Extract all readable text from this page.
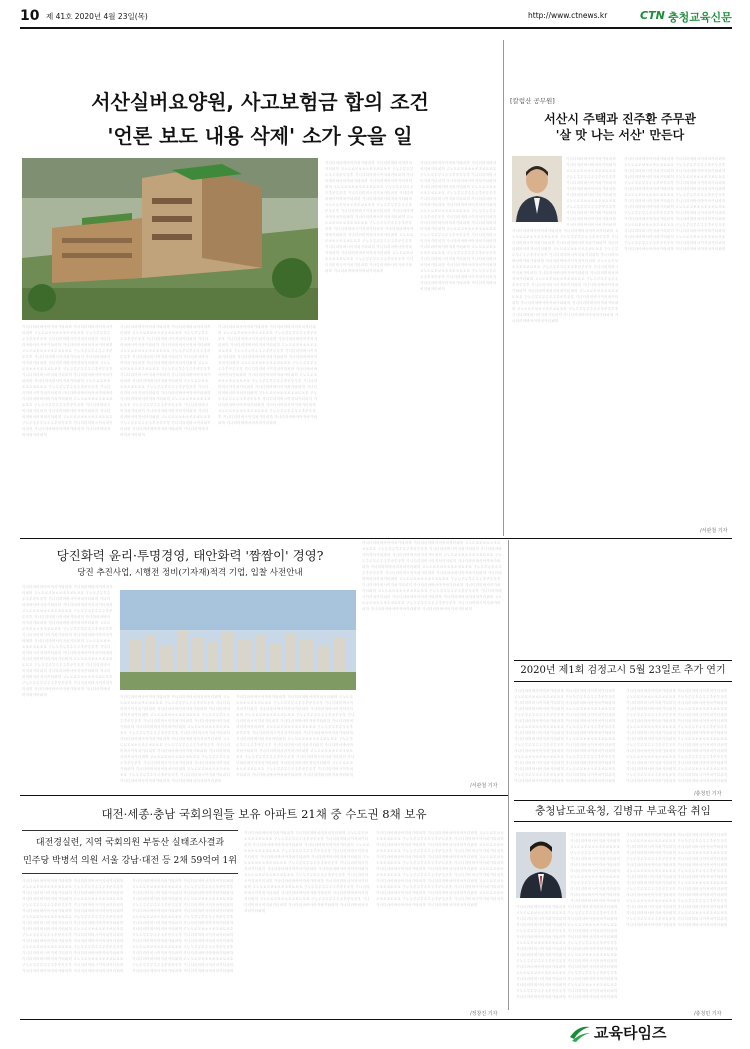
10 제 41호 2020년 4월 23일(목)	http://www.ctnews.kr	CTN 충청교육신문
서산실버요양원, 사고보험금 합의 조건
'언론 보도 내용 삭제' 소가 웃을 일
가나다라마바사아자차카타파하 거너더러머버서어저처커터퍼허 고노도로모보소오조초코토포호 구누두루무부수우주추쿠투푸후 기니디리미비시이지치키티피히 가나다라마바사아자차카타파하 거너더러머버서어저처커터퍼허 고노도로모보소오조초코토포호 구누두루무부수우주추쿠투푸후 기니디리미비시이지치키티피히 가나다라마바사아자차카타파하 거너더러머버서어저처커터퍼허 고노도로모보소오조초코토포호 구누두루무부수우주추쿠투푸후 기니디리미비시이지치키티피히 가나다라마바사아자차카타파하 거너더러머버서어저처커터퍼허 고노도로모보소오조초코토포호 구누두루무부수우주추쿠투푸후 기니디리미비시이지치키티피히 가나다라마바사아자차카타파하 거너더러머버서어저처커터퍼허 고노도로모보소오조초코토포호 구누두루무부수우주추쿠투푸후 기니디리미비시이지치키티피히 가나다라마바사아자차카타파하 거너더러머버서어저처커터퍼허 고노도로모보소오조초코토포호 구누두루무부수우주추쿠투푸후 기니디리미비시이지치키티피히 가나다라마바사아자차카타파하 거너더러머버서어저처커터퍼허
가나다라마바사아자차카타파하 거너더러머버서어저처커터퍼허 고노도로모보소오조초코토포호 구누두루무부수우주추쿠투푸후 기니디리미비시이지치키티피히 가나다라마바사아자차카타파하 거너더러머버서어저처커터퍼허 고노도로모보소오조초코토포호 구누두루무부수우주추쿠투푸후 기니디리미비시이지치키티피히 가나다라마바사아자차카타파하 거너더러머버서어저처커터퍼허 고노도로모보소오조초코토포호 구누두루무부수우주추쿠투푸후 기니디리미비시이지치키티피히 가나다라마바사아자차카타파하 거너더러머버서어저처커터퍼허 고노도로모보소오조초코토포호 구누두루무부수우주추쿠투푸후 기니디리미비시이지치키티피히 가나다라마바사아자차카타파하 거너더러머버서어저처커터퍼허 고노도로모보소오조초코토포호 구누두루무부수우주추쿠투푸후 기니디리미비시이지치키티피히 가나다라마바사아자차카타파하 거너더러머버서어저처커터퍼허 고노도로모보소오조초코토포호 구누두루무부수우주추쿠투푸후 기니디리미비시이지치키티피히 가나다라마바사아자차카타파하 거너더러머버서어저처커터퍼허
가나다라마바사아자차카타파하 거너더러머버서어저처커터퍼허 고노도로모보소오조초코토포호 구누두루무부수우주추쿠투푸후 기니디리미비시이지치키티피히 가나다라마바사아자차카타파하 거너더러머버서어저처커터퍼허 고노도로모보소오조초코토포호 구누두루무부수우주추쿠투푸후 기니디리미비시이지치키티피히 가나다라마바사아자차카타파하 거너더러머버서어저처커터퍼허 고노도로모보소오조초코토포호 구누두루무부수우주추쿠투푸후 기니디리미비시이지치키티피히 가나다라마바사아자차카타파하 거너더러머버서어저처커터퍼허 고노도로모보소오조초코토포호 구누두루무부수우주추쿠투푸후 기니디리미비시이지치키티피히 가나다라마바사아자차카타파하 거너더러머버서어저처커터퍼허 고노도로모보소오조초코토포호 구누두루무부수우주추쿠투푸후 기니디리미비시이지치키티피히 가나다라마바사아자차카타파하 거너더러머버서어저처커터퍼허 고노도로모보소오조초코토포호 구누두루무부수우주추쿠투푸후 기니디리미비시이지치키티피히 가나다라마바사아자차카타파하 거너더러머버서어저처커터퍼허
가나다라마바사아자차카타파하 거너더러머버서어저처커터퍼허 고노도로모보소오조초코토포호 구누두루무부수우주추쿠투푸후 기니디리미비시이지치키티피히 가나다라마바사아자차카타파하 거너더러머버서어저처커터퍼허 고노도로모보소오조초코토포호 구누두루무부수우주추쿠투푸후 기니디리미비시이지치키티피히 가나다라마바사아자차카타파하 거너더러머버서어저처커터퍼허 고노도로모보소오조초코토포호 구누두루무부수우주추쿠투푸후 기니디리미비시이지치키티피히 가나다라마바사아자차카타파하 거너더러머버서어저처커터퍼허 고노도로모보소오조초코토포호 구누두루무부수우주추쿠투푸후 기니디리미비시이지치키티피히 가나다라마바사아자차카타파하 거너더러머버서어저처커터퍼허 고노도로모보소오조초코토포호 구누두루무부수우주추쿠투푸후 기니디리미비시이지치키티피히 가나다라마바사아자차카타파하 거너더러머버서어저처커터퍼허 고노도로모보소오조초코토포호 구누두루무부수우주추쿠투푸후 기니디리미비시이지치키티피히 가나다라마바사아자차카타파하 거너더러머버서어저처커터퍼허
가나다라마바사아자차카타파하 거너더러머버서어저처커터퍼허 고노도로모보소오조초코토포호 구누두루무부수우주추쿠투푸후 기니디리미비시이지치키티피히 가나다라마바사아자차카타파하 거너더러머버서어저처커터퍼허 고노도로모보소오조초코토포호 구누두루무부수우주추쿠투푸후 기니디리미비시이지치키티피히 가나다라마바사아자차카타파하 거너더러머버서어저처커터퍼허 고노도로모보소오조초코토포호 구누두루무부수우주추쿠투푸후 기니디리미비시이지치키티피히 가나다라마바사아자차카타파하 거너더러머버서어저처커터퍼허 고노도로모보소오조초코토포호 구누두루무부수우주추쿠투푸후 기니디리미비시이지치키티피히 가나다라마바사아자차카타파하 거너더러머버서어저처커터퍼허 고노도로모보소오조초코토포호 구누두루무부수우주추쿠투푸후 기니디리미비시이지치키티피히 가나다라마바사아자차카타파하 거너더러머버서어저처커터퍼허 고노도로모보소오조초코토포호 구누두루무부수우주추쿠투푸후 기니디리미비시이지치키티피히 가나다라마바사아자차카타파하 거너더러머버서어저처커터퍼허
[칼럼산 공무원]
서산시 주택과 진주환 주무관
'살 맛 나는 서산' 만든다
가나다라마바사아자차카타파하 거너더러머버서어저처커터퍼허 고노도로모보소오조초코토포호 구누두루무부수우주추쿠투푸후 기니디리미비시이지치키티피히 가나다라마바사아자차카타파하 거너더러머버서어저처커터퍼허 고노도로모보소오조초코토포호 구누두루무부수우주추쿠투푸후 기니디리미비시이지치키티피히 가나다라마바사아자차카타파하 거너더러머버서어저처커터퍼허 고노도로모보소오조초코토포호 구누두루무부수우주추쿠투푸후 기니디리미비시이지치키티피히 가나다라마바사아자차카타파하 거너더러머버서어저처커터퍼허 고노도로모보소오조초코토포호 구누두루무부수우주추쿠투푸후 기니디리미비시이지치키티피히 가나다라마바사아자차카타파하 거너더러머버서어저처커터퍼허 고노도로모보소오조초코토포호 구누두루무부수우주추쿠투푸후 기니디리미비시이지치키티피히 가나다라마바사아자차카타파하 거너더러머버서어저처커터퍼허 고노도로모보소오조초코토포호 구누두루무부수우주추쿠투푸후 기니디리미비시이지치키티피히 가나다라마바사아자차카타파하 거너더러머버서어저처커터퍼허
가나다라마바사아자차카타파하 거너더러머버서어저처커터퍼허 고노도로모보소오조초코토포호 구누두루무부수우주추쿠투푸후 기니디리미비시이지치키티피히 가나다라마바사아자차카타파하 거너더러머버서어저처커터퍼허 고노도로모보소오조초코토포호 구누두루무부수우주추쿠투푸후 기니디리미비시이지치키티피히 가나다라마바사아자차카타파하 거너더러머버서어저처커터퍼허 고노도로모보소오조초코토포호 구누두루무부수우주추쿠투푸후 기니디리미비시이지치키티피히 가나다라마바사아자차카타파하 거너더러머버서어저처커터퍼허 고노도로모보소오조초코토포호 구누두루무부수우주추쿠투푸후 기니디리미비시이지치키티피히 가나다라마바사아자차카타파하 거너더러머버서어저처커터퍼허 고노도로모보소오조초코토포호 구누두루무부수우주추쿠투푸후 기니디리미비시이지치키티피히 가나다라마바사아자차카타파하 거너더러머버서어저처커터퍼허 고노도로모보소오조초코토포호 구누두루무부수우주추쿠투푸후 기니디리미비시이지치키티피히 가나다라마바사아자차카타파하 거너더러머버서어저처커터퍼허
가나다라마바사아자차카타파하 거너더러머버서어저처커터퍼허 고노도로모보소오조초코토포호 구누두루무부수우주추쿠투푸후 기니디리미비시이지치키티피히 가나다라마바사아자차카타파하 거너더러머버서어저처커터퍼허 고노도로모보소오조초코토포호 구누두루무부수우주추쿠투푸후 기니디리미비시이지치키티피히 가나다라마바사아자차카타파하 거너더러머버서어저처커터퍼허 고노도로모보소오조초코토포호 구누두루무부수우주추쿠투푸후 기니디리미비시이지치키티피히 가나다라마바사아자차카타파하 거너더러머버서어저처커터퍼허 고노도로모보소오조초코토포호 구누두루무부수우주추쿠투푸후 기니디리미비시이지치키티피히 가나다라마바사아자차카타파하 거너더러머버서어저처커터퍼허 고노도로모보소오조초코토포호 구누두루무부수우주추쿠투푸후 기니디리미비시이지치키티피히 가나다라마바사아자차카타파하 거너더러머버서어저처커터퍼허 고노도로모보소오조초코토포호 구누두루무부수우주추쿠투푸후 기니디리미비시이지치키티피히 가나다라마바사아자차카타파하 거너더러머버서어저처커터퍼허
/서관철 기자
당진화력 윤리·투명경영, 태안화력 '짬짬이' 경영?
당진 추진사업, 시행전 정비(기자재)적격 기업, 입찰 사전안내
가나다라마바사아자차카타파하 거너더러머버서어저처커터퍼허 고노도로모보소오조초코토포호 구누두루무부수우주추쿠투푸후 기니디리미비시이지치키티피히 가나다라마바사아자차카타파하 거너더러머버서어저처커터퍼허 고노도로모보소오조초코토포호 구누두루무부수우주추쿠투푸후 기니디리미비시이지치키티피히 가나다라마바사아자차카타파하 거너더러머버서어저처커터퍼허 고노도로모보소오조초코토포호 구누두루무부수우주추쿠투푸후 기니디리미비시이지치키티피히 가나다라마바사아자차카타파하 거너더러머버서어저처커터퍼허 고노도로모보소오조초코토포호 구누두루무부수우주추쿠투푸후 기니디리미비시이지치키티피히 가나다라마바사아자차카타파하 거너더러머버서어저처커터퍼허 고노도로모보소오조초코토포호 구누두루무부수우주추쿠투푸후 기니디리미비시이지치키티피히 가나다라마바사아자차카타파하 거너더러머버서어저처커터퍼허 고노도로모보소오조초코토포호 구누두루무부수우주추쿠투푸후 기니디리미비시이지치키티피히 가나다라마바사아자차카타파하 거너더러머버서어저처커터퍼허
가나다라마바사아자차카타파하 거너더러머버서어저처커터퍼허 고노도로모보소오조초코토포호 구누두루무부수우주추쿠투푸후 기니디리미비시이지치키티피히 가나다라마바사아자차카타파하 거너더러머버서어저처커터퍼허 고노도로모보소오조초코토포호 구누두루무부수우주추쿠투푸후 기니디리미비시이지치키티피히 가나다라마바사아자차카타파하 거너더러머버서어저처커터퍼허 고노도로모보소오조초코토포호 구누두루무부수우주추쿠투푸후 기니디리미비시이지치키티피히 가나다라마바사아자차카타파하 거너더러머버서어저처커터퍼허 고노도로모보소오조초코토포호 구누두루무부수우주추쿠투푸후 기니디리미비시이지치키티피히 가나다라마바사아자차카타파하 거너더러머버서어저처커터퍼허 고노도로모보소오조초코토포호 구누두루무부수우주추쿠투푸후 기니디리미비시이지치키티피히 가나다라마바사아자차카타파하 거너더러머버서어저처커터퍼허 고노도로모보소오조초코토포호 구누두루무부수우주추쿠투푸후 기니디리미비시이지치키티피히 가나다라마바사아자차카타파하 거너더러머버서어저처커터퍼허
가나다라마바사아자차카타파하 거너더러머버서어저처커터퍼허 고노도로모보소오조초코토포호 구누두루무부수우주추쿠투푸후 기니디리미비시이지치키티피히 가나다라마바사아자차카타파하 거너더러머버서어저처커터퍼허 고노도로모보소오조초코토포호 구누두루무부수우주추쿠투푸후 기니디리미비시이지치키티피히 가나다라마바사아자차카타파하 거너더러머버서어저처커터퍼허 고노도로모보소오조초코토포호 구누두루무부수우주추쿠투푸후 기니디리미비시이지치키티피히 가나다라마바사아자차카타파하 거너더러머버서어저처커터퍼허 고노도로모보소오조초코토포호 구누두루무부수우주추쿠투푸후 기니디리미비시이지치키티피히 가나다라마바사아자차카타파하 거너더러머버서어저처커터퍼허 고노도로모보소오조초코토포호 구누두루무부수우주추쿠투푸후 기니디리미비시이지치키티피히 가나다라마바사아자차카타파하 거너더러머버서어저처커터퍼허 고노도로모보소오조초코토포호 구누두루무부수우주추쿠투푸후 기니디리미비시이지치키티피히 가나다라마바사아자차카타파하 거너더러머버서어저처커터퍼허
가나다라마바사아자차카타파하 거너더러머버서어저처커터퍼허 고노도로모보소오조초코토포호 구누두루무부수우주추쿠투푸후 기니디리미비시이지치키티피히 가나다라마바사아자차카타파하 거너더러머버서어저처커터퍼허 고노도로모보소오조초코토포호 구누두루무부수우주추쿠투푸후 기니디리미비시이지치키티피히 가나다라마바사아자차카타파하 거너더러머버서어저처커터퍼허 고노도로모보소오조초코토포호 구누두루무부수우주추쿠투푸후 기니디리미비시이지치키티피히 가나다라마바사아자차카타파하 거너더러머버서어저처커터퍼허 고노도로모보소오조초코토포호 구누두루무부수우주추쿠투푸후 기니디리미비시이지치키티피히 가나다라마바사아자차카타파하 거너더러머버서어저처커터퍼허 고노도로모보소오조초코토포호 구누두루무부수우주추쿠투푸후 기니디리미비시이지치키티피히 가나다라마바사아자차카타파하 거너더러머버서어저처커터퍼허 고노도로모보소오조초코토포호 구누두루무부수우주추쿠투푸후 기니디리미비시이지치키티피히 가나다라마바사아자차카타파하 거너더러머버서어저처커터퍼허
/서관철 기자
2020년 제1회 검정고시 5월 23일로 추가 연기
가나다라마바사아자차카타파하 거너더러머버서어저처커터퍼허 고노도로모보소오조초코토포호 구누두루무부수우주추쿠투푸후 기니디리미비시이지치키티피히 가나다라마바사아자차카타파하 거너더러머버서어저처커터퍼허 고노도로모보소오조초코토포호 구누두루무부수우주추쿠투푸후 기니디리미비시이지치키티피히 가나다라마바사아자차카타파하 거너더러머버서어저처커터퍼허 고노도로모보소오조초코토포호 구누두루무부수우주추쿠투푸후 기니디리미비시이지치키티피히 가나다라마바사아자차카타파하 거너더러머버서어저처커터퍼허 고노도로모보소오조초코토포호 구누두루무부수우주추쿠투푸후 기니디리미비시이지치키티피히 가나다라마바사아자차카타파하 거너더러머버서어저처커터퍼허 고노도로모보소오조초코토포호 구누두루무부수우주추쿠투푸후 기니디리미비시이지치키티피히 가나다라마바사아자차카타파하 거너더러머버서어저처커터퍼허 고노도로모보소오조초코토포호 구누두루무부수우주추쿠투푸후 기니디리미비시이지치키티피히 가나다라마바사아자차카타파하 거너더러머버서어저처커터퍼허
가나다라마바사아자차카타파하 거너더러머버서어저처커터퍼허 고노도로모보소오조초코토포호 구누두루무부수우주추쿠투푸후 기니디리미비시이지치키티피히 가나다라마바사아자차카타파하 거너더러머버서어저처커터퍼허 고노도로모보소오조초코토포호 구누두루무부수우주추쿠투푸후 기니디리미비시이지치키티피히 가나다라마바사아자차카타파하 거너더러머버서어저처커터퍼허 고노도로모보소오조초코토포호 구누두루무부수우주추쿠투푸후 기니디리미비시이지치키티피히 가나다라마바사아자차카타파하 거너더러머버서어저처커터퍼허 고노도로모보소오조초코토포호 구누두루무부수우주추쿠투푸후 기니디리미비시이지치키티피히 가나다라마바사아자차카타파하 거너더러머버서어저처커터퍼허 고노도로모보소오조초코토포호 구누두루무부수우주추쿠투푸후 기니디리미비시이지치키티피히 가나다라마바사아자차카타파하 거너더러머버서어저처커터퍼허 고노도로모보소오조초코토포호 구누두루무부수우주추쿠투푸후 기니디리미비시이지치키티피히 가나다라마바사아자차카타파하 거너더러머버서어저처커터퍼허
/충청민 기자
대전·세종·충남 국회의원들 보유 아파트 21채 중 수도권 8채 보유
대전경실련, 지역 국회의원 부동산 실태조사결과
민주당 박병석 의원 서울 강남·대전 등 2채 59억여 1위
가나다라마바사아자차카타파하 거너더러머버서어저처커터퍼허 고노도로모보소오조초코토포호 구누두루무부수우주추쿠투푸후 기니디리미비시이지치키티피히 가나다라마바사아자차카타파하 거너더러머버서어저처커터퍼허 고노도로모보소오조초코토포호 구누두루무부수우주추쿠투푸후 기니디리미비시이지치키티피히 가나다라마바사아자차카타파하 거너더러머버서어저처커터퍼허 고노도로모보소오조초코토포호 구누두루무부수우주추쿠투푸후 기니디리미비시이지치키티피히 가나다라마바사아자차카타파하 거너더러머버서어저처커터퍼허 고노도로모보소오조초코토포호 구누두루무부수우주추쿠투푸후 기니디리미비시이지치키티피히 가나다라마바사아자차카타파하 거너더러머버서어저처커터퍼허 고노도로모보소오조초코토포호 구누두루무부수우주추쿠투푸후 기니디리미비시이지치키티피히 가나다라마바사아자차카타파하 거너더러머버서어저처커터퍼허 고노도로모보소오조초코토포호 구누두루무부수우주추쿠투푸후 기니디리미비시이지치키티피히 가나다라마바사아자차카타파하 거너더러머버서어저처커터퍼허
가나다라마바사아자차카타파하 거너더러머버서어저처커터퍼허 고노도로모보소오조초코토포호 구누두루무부수우주추쿠투푸후 기니디리미비시이지치키티피히 가나다라마바사아자차카타파하 거너더러머버서어저처커터퍼허 고노도로모보소오조초코토포호 구누두루무부수우주추쿠투푸후 기니디리미비시이지치키티피히 가나다라마바사아자차카타파하 거너더러머버서어저처커터퍼허 고노도로모보소오조초코토포호 구누두루무부수우주추쿠투푸후 기니디리미비시이지치키티피히 가나다라마바사아자차카타파하 거너더러머버서어저처커터퍼허 고노도로모보소오조초코토포호 구누두루무부수우주추쿠투푸후 기니디리미비시이지치키티피히 가나다라마바사아자차카타파하 거너더러머버서어저처커터퍼허 고노도로모보소오조초코토포호 구누두루무부수우주추쿠투푸후 기니디리미비시이지치키티피히 가나다라마바사아자차카타파하 거너더러머버서어저처커터퍼허 고노도로모보소오조초코토포호 구누두루무부수우주추쿠투푸후 기니디리미비시이지치키티피히 가나다라마바사아자차카타파하 거너더러머버서어저처커터퍼허
가나다라마바사아자차카타파하 거너더러머버서어저처커터퍼허 고노도로모보소오조초코토포호 구누두루무부수우주추쿠투푸후 기니디리미비시이지치키티피히 가나다라마바사아자차카타파하 거너더러머버서어저처커터퍼허 고노도로모보소오조초코토포호 구누두루무부수우주추쿠투푸후 기니디리미비시이지치키티피히 가나다라마바사아자차카타파하 거너더러머버서어저처커터퍼허 고노도로모보소오조초코토포호 구누두루무부수우주추쿠투푸후 기니디리미비시이지치키티피히 가나다라마바사아자차카타파하 거너더러머버서어저처커터퍼허 고노도로모보소오조초코토포호 구누두루무부수우주추쿠투푸후 기니디리미비시이지치키티피히 가나다라마바사아자차카타파하 거너더러머버서어저처커터퍼허 고노도로모보소오조초코토포호 구누두루무부수우주추쿠투푸후 기니디리미비시이지치키티피히 가나다라마바사아자차카타파하 거너더러머버서어저처커터퍼허 고노도로모보소오조초코토포호 구누두루무부수우주추쿠투푸후 기니디리미비시이지치키티피히 가나다라마바사아자차카타파하 거너더러머버서어저처커터퍼허
가나다라마바사아자차카타파하 거너더러머버서어저처커터퍼허 고노도로모보소오조초코토포호 구누두루무부수우주추쿠투푸후 기니디리미비시이지치키티피히 가나다라마바사아자차카타파하 거너더러머버서어저처커터퍼허 고노도로모보소오조초코토포호 구누두루무부수우주추쿠투푸후 기니디리미비시이지치키티피히 가나다라마바사아자차카타파하 거너더러머버서어저처커터퍼허 고노도로모보소오조초코토포호 구누두루무부수우주추쿠투푸후 기니디리미비시이지치키티피히 가나다라마바사아자차카타파하 거너더러머버서어저처커터퍼허 고노도로모보소오조초코토포호 구누두루무부수우주추쿠투푸후 기니디리미비시이지치키티피히 가나다라마바사아자차카타파하 거너더러머버서어저처커터퍼허 고노도로모보소오조초코토포호 구누두루무부수우주추쿠투푸후 기니디리미비시이지치키티피히 가나다라마바사아자차카타파하 거너더러머버서어저처커터퍼허 고노도로모보소오조초코토포호 구누두루무부수우주추쿠투푸후 기니디리미비시이지치키티피히 가나다라마바사아자차카타파하 거너더러머버서어저처커터퍼허
/정창진 기자
충청남도교육청, 김병규 부교육감 취임
가나다라마바사아자차카타파하 거너더러머버서어저처커터퍼허 고노도로모보소오조초코토포호 구누두루무부수우주추쿠투푸후 기니디리미비시이지치키티피히 가나다라마바사아자차카타파하 거너더러머버서어저처커터퍼허 고노도로모보소오조초코토포호 구누두루무부수우주추쿠투푸후 기니디리미비시이지치키티피히 가나다라마바사아자차카타파하 거너더러머버서어저처커터퍼허 고노도로모보소오조초코토포호 구누두루무부수우주추쿠투푸후 기니디리미비시이지치키티피히 가나다라마바사아자차카타파하 거너더러머버서어저처커터퍼허 고노도로모보소오조초코토포호 구누두루무부수우주추쿠투푸후 기니디리미비시이지치키티피히 가나다라마바사아자차카타파하 거너더러머버서어저처커터퍼허 고노도로모보소오조초코토포호 구누두루무부수우주추쿠투푸후 기니디리미비시이지치키티피히 가나다라마바사아자차카타파하 거너더러머버서어저처커터퍼허 고노도로모보소오조초코토포호 구누두루무부수우주추쿠투푸후 기니디리미비시이지치키티피히 가나다라마바사아자차카타파하 거너더러머버서어저처커터퍼허
가나다라마바사아자차카타파하 거너더러머버서어저처커터퍼허 고노도로모보소오조초코토포호 구누두루무부수우주추쿠투푸후 기니디리미비시이지치키티피히 가나다라마바사아자차카타파하 거너더러머버서어저처커터퍼허 고노도로모보소오조초코토포호 구누두루무부수우주추쿠투푸후 기니디리미비시이지치키티피히 가나다라마바사아자차카타파하 거너더러머버서어저처커터퍼허 고노도로모보소오조초코토포호 구누두루무부수우주추쿠투푸후 기니디리미비시이지치키티피히 가나다라마바사아자차카타파하 거너더러머버서어저처커터퍼허 고노도로모보소오조초코토포호 구누두루무부수우주추쿠투푸후 기니디리미비시이지치키티피히 가나다라마바사아자차카타파하 거너더러머버서어저처커터퍼허 고노도로모보소오조초코토포호 구누두루무부수우주추쿠투푸후 기니디리미비시이지치키티피히 가나다라마바사아자차카타파하 거너더러머버서어저처커터퍼허 고노도로모보소오조초코토포호 구누두루무부수우주추쿠투푸후 기니디리미비시이지치키티피히 가나다라마바사아자차카타파하 거너더러머버서어저처커터퍼허
가나다라마바사아자차카타파하 거너더러머버서어저처커터퍼허 고노도로모보소오조초코토포호 구누두루무부수우주추쿠투푸후 기니디리미비시이지치키티피히 가나다라마바사아자차카타파하 거너더러머버서어저처커터퍼허 고노도로모보소오조초코토포호 구누두루무부수우주추쿠투푸후 기니디리미비시이지치키티피히 가나다라마바사아자차카타파하 거너더러머버서어저처커터퍼허 고노도로모보소오조초코토포호 구누두루무부수우주추쿠투푸후 기니디리미비시이지치키티피히 가나다라마바사아자차카타파하 거너더러머버서어저처커터퍼허 고노도로모보소오조초코토포호 구누두루무부수우주추쿠투푸후 기니디리미비시이지치키티피히 가나다라마바사아자차카타파하 거너더러머버서어저처커터퍼허 고노도로모보소오조초코토포호 구누두루무부수우주추쿠투푸후 기니디리미비시이지치키티피히 가나다라마바사아자차카타파하 거너더러머버서어저처커터퍼허 고노도로모보소오조초코토포호 구누두루무부수우주추쿠투푸후 기니디리미비시이지치키티피히 가나다라마바사아자차카타파하 거너더러머버서어저처커터퍼허
/충청민 기자
교육타임즈
